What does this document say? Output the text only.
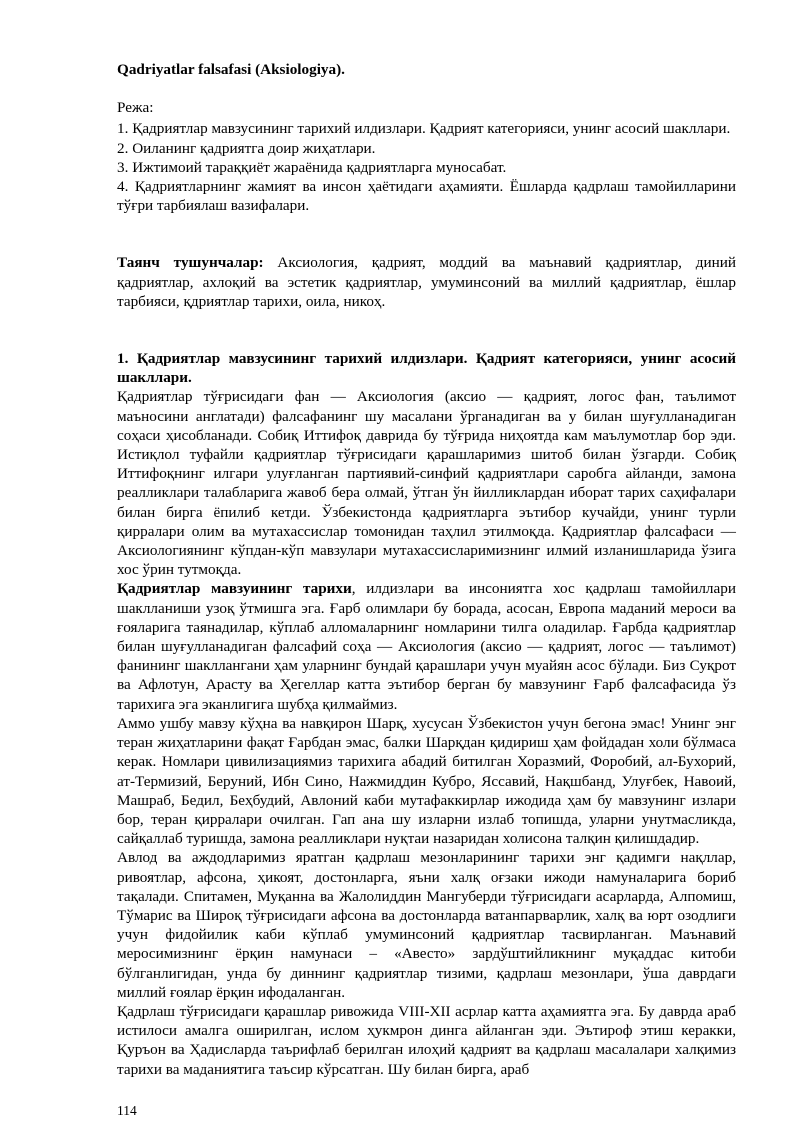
Qadriyatlar falsafasi (Aksiologiya).

Режа:

1. Қадриятлар мавзусининг тарихий илдизлари. Қадрият категорияси, унинг асосий шакллари.

2. Оиланинг қадриятга доир жиҳатлари.

3. Ижтимоий тараққиёт жараёнида қадриятларга муносабат.

4. Қадриятларнинг жамият ва инсон ҳаётидаги аҳамияти. Ёшларда қадрлаш тамойилларини тўғри тарбиялаш вазифалари.

Таянч тушунчалар: Аксиология, қадрият, моддий ва маънавий қадриятлар, диний қадриятлар, ахлоқий ва эстетик қадриятлар, умуминсоний ва миллий қадриятлар, ёшлар тарбияси, қдриятлар тарихи, оила, никоҳ.

1. Қадриятлар мавзусининг тарихий илдизлари. Қадрият категорияси, унинг асосий шакллари.

Қадриятлар тўғрисидаги фан — Аксиология (аксио — қадрият, логос фан, таълимот маъносини англатади) фалсафанинг шу масалани ўрганадиган ва у билан шуғулланадиган соҳаси ҳисобланади. Собиқ Иттифоқ даврида бу тўғрида ниҳоятда кам маълумотлар бор эди. Истиқлол туфайли қадриятлар тўғрисидаги қарашларимиз шитоб билан ўзгарди. Собиқ Иттифоқнинг илгари улуғланган партиявий-синфий қадриятлари саробга айланди, замона реалликлари талабларига жавоб бера олмай, ўтган ўн йилликлардан иборат тарих саҳифалари билан бирга ёпилиб кетди. Ўзбекистонда қадриятларга эътибор кучайди, унинг турли қирралари олим ва мутахассислар томонидан таҳлил этилмоқда. Қадриятлар фалсафаси — Аксиологиянинг кўпдан-кўп мавзулари мутахассисларимизнинг илмий изланишларида ўзига хос ўрин тутмоқда.

Қадриятлар мавзуининг тарихи, илдизлари ва инсониятга хос қадрлаш тамойиллари шаклланиши узоқ ўтмишга эга. Ғарб олимлари бу борада, асосан, Европа маданий мероси ва ғояларига таянадилар, кўплаб алломаларнинг номларини тилга оладилар. Ғарбда қадриятлар билан шуғулланадиган фалсафий соҳа — Аксиология (аксио — қадрият, логос — таълимот) фанининг шакллангани ҳам уларнинг бундай қарашлари учун муайян асос бўлади. Биз Суқрот ва Афлотун, Арасту ва Ҳегеллар катта эътибор берган бу мавзунинг Ғарб фалсафасида ўз тарихига эга эканлигига шубҳа қилмаймиз.

Аммо ушбу мавзу кўҳна ва навқирон Шарқ, хусусан Ўзбекистон учун бегона эмас! Унинг энг теран жиҳатларини фақат Ғарбдан эмас, балки Шарқдан қидириш ҳам фойдадан холи бўлмаса керак. Номлари цивилизациямиз тарихига абадий битилган Хоразмий, Форобий, ал-Бухорий, ат-Термизий, Беруний, Ибн Сино, Нажмиддин Кубро, Яссавий, Нақшбанд, Улуғбек, Навоий, Машраб, Бедил, Беҳбудий, Авлоний каби мутафаккирлар ижодида ҳам бу мавзунинг излари бор, теран қирралари очилган. Гап ана шу изларни излаб топишда, уларни унутмасликда, сайқаллаб туришда, замона реалликлари нуқтаи назаридан холисона талқин қилишдадир.

Авлод ва аждодларимиз яратган қадрлаш мезонларининг тарихи энг қадимги нақллар, ривоятлар, афсона, ҳикоят, достонларга, яъни халқ оғзаки ижоди намуналарига бориб тақалади. Спитамен, Муқанна ва Жалолиддин Мангуберди тўғрисидаги асарларда, Алпомиш, Тўмарис ва Широқ тўғрисидаги афсона ва достонларда ватанпарварлик, халқ ва юрт озодлиги учун фидойилик каби кўплаб умуминсоний қадриятлар тасвирланган. Маънавий меросимизнинг ёрқин намунаси – «Авесто» зардўштийликнинг муқаддас китоби бўлганлигидан, унда бу диннинг қадриятлар тизими, қадрлаш мезонлари, ўша даврдаги миллий ғоялар ёрқин ифодаланган.

Қадрлаш тўғрисидаги қарашлар ривожида VIII-XII асрлар катта аҳамиятга эга. Бу даврда араб истилоси амалга оширилган, ислом ҳукмрон динга айланган эди. Эътироф этиш керакки, Қуръон ва Ҳадисларда таърифлаб берилган илоҳий қадрият ва қадрлаш масалалари халқимиз тарихи ва маданиятига таъсир кўрсатган. Шу билан бирга, араб

114
